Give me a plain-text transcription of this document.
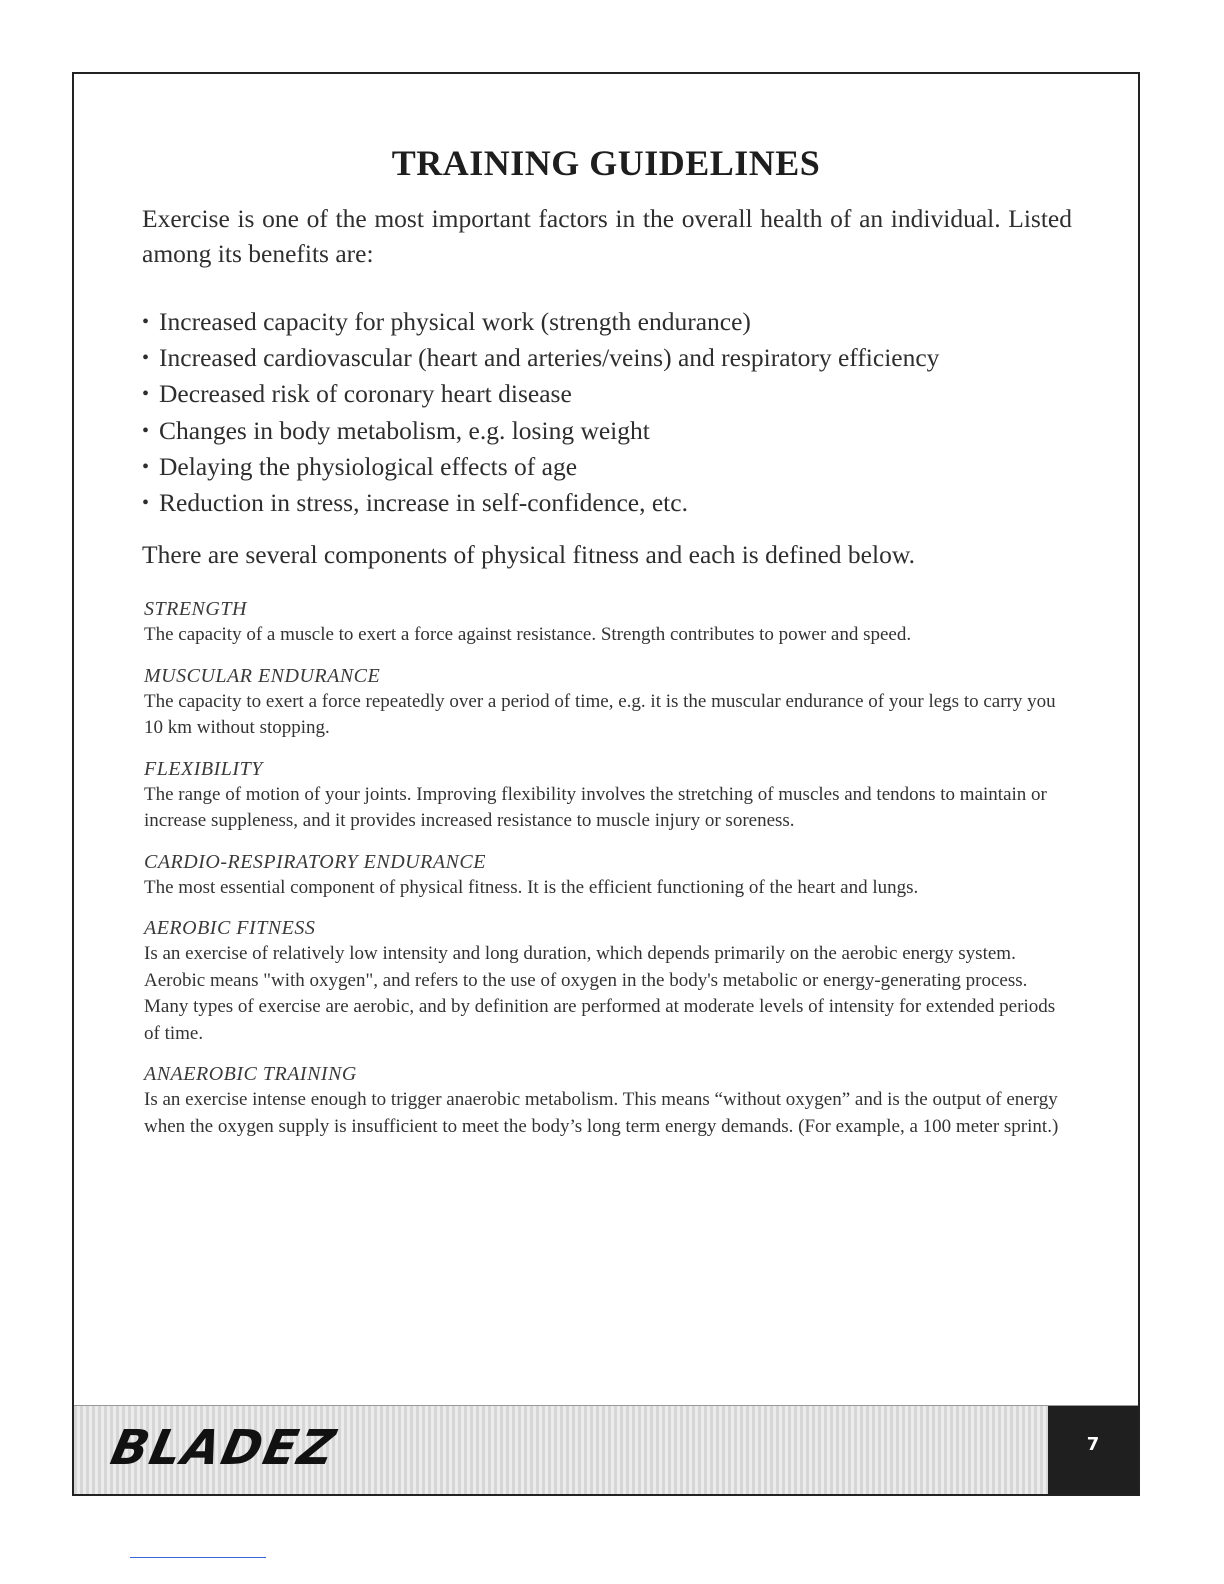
TRAINING GUIDELINES

Exercise is one of the most important factors in the overall health of an individual. Listed among its benefits are:

• Increased capacity for physical work (strength endurance)
• Increased cardiovascular (heart and arteries/veins) and respiratory efficiency
• Decreased risk of coronary heart disease
• Changes in body metabolism, e.g. losing weight
• Delaying the physiological effects of age
• Reduction in stress, increase in self-confidence, etc.

There are several components of physical fitness and each is defined below.

STRENGTH

The capacity of a muscle to exert a force against resistance. Strength contributes to power and speed.

MUSCULAR ENDURANCE

The capacity to exert a force repeatedly over a period of time, e.g. it is the muscular endurance of your legs to carry you 10 km without stopping.

FLEXIBILITY

The range of motion of your joints. Improving flexibility involves the stretching of muscles and tendons to maintain or increase suppleness, and it provides increased resistance to muscle injury or soreness.

CARDIO-RESPIRATORY ENDURANCE

The most essential component of physical fitness. It is the efficient functioning of the heart and lungs.

AEROBIC FITNESS

Is an exercise of relatively low intensity and long duration, which depends primarily on the aerobic energy system. Aerobic means "with oxygen", and refers to the use of oxygen in the body's metabolic or energy-generating process. Many types of exercise are aerobic, and by definition are performed at moderate levels of intensity for extended periods of time.

ANAEROBIC TRAINING

Is an exercise intense enough to trigger anaerobic metabolism. This means “without oxygen” and is the output of energy when the oxygen supply is insufficient to meet the body’s long term energy demands. (For example, a 100 meter sprint.)

BLADEZ	7
